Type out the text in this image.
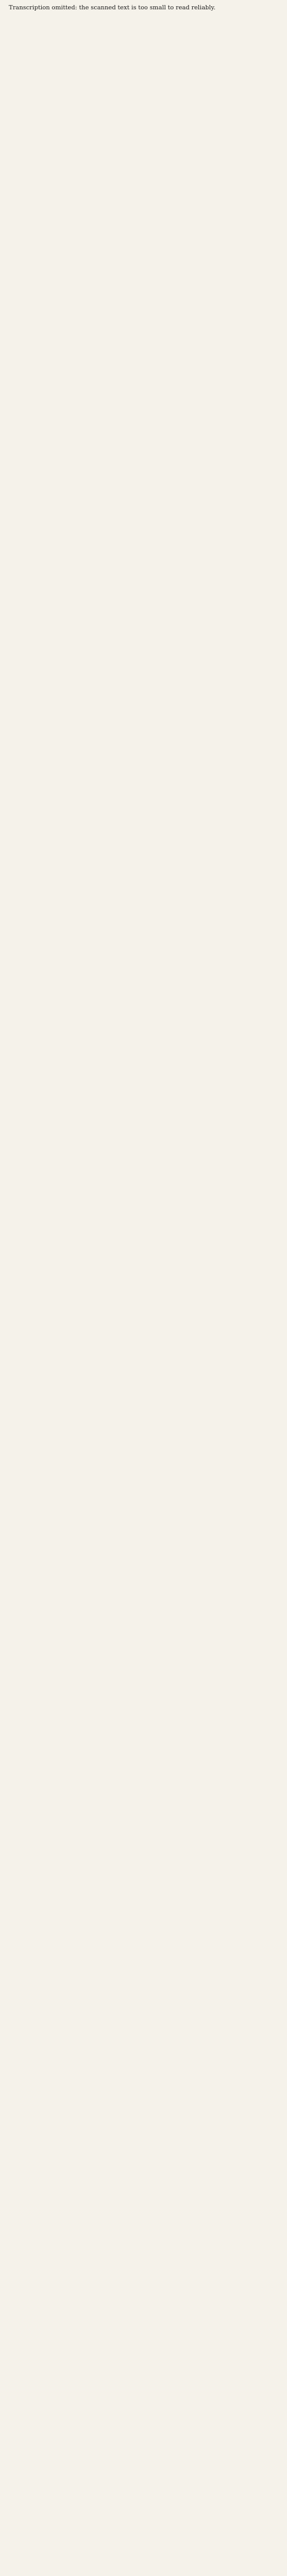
Transcription omitted: the scanned text is too small to read reliably.
